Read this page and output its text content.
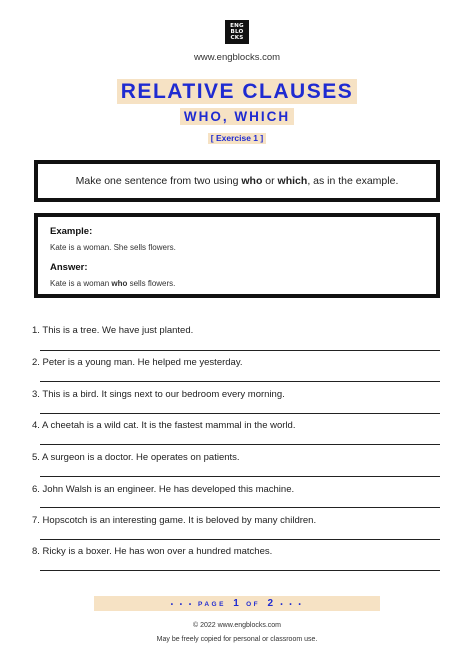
ENG
BLO
CKS
www.engblocks.com
RELATIVE CLAUSES
WHO, WHICH
[ Exercise 1 ]
Make one sentence from two using who or which, as in the example.
Example:
Kate is a woman. She sells flowers.
Answer:
Kate is a woman who sells flowers.
1. This is a tree. We have just planted.
2. Peter is a young man. He helped me yesterday.
3. This is a bird. It sings next to our bedroom every morning.
4. A cheetah is a wild cat. It is the fastest mammal in the world.
5. A surgeon is a doctor. He operates on patients.
6. John Walsh is an engineer. He has developed this machine.
7. Hopscotch is an interesting game. It is beloved by many children.
8. Ricky is a boxer. He has won over a hundred matches.
• • • PAGE 1 OF 2 • • •
© 2022 www.engblocks.com
May be freely copied for personal or classroom use.
